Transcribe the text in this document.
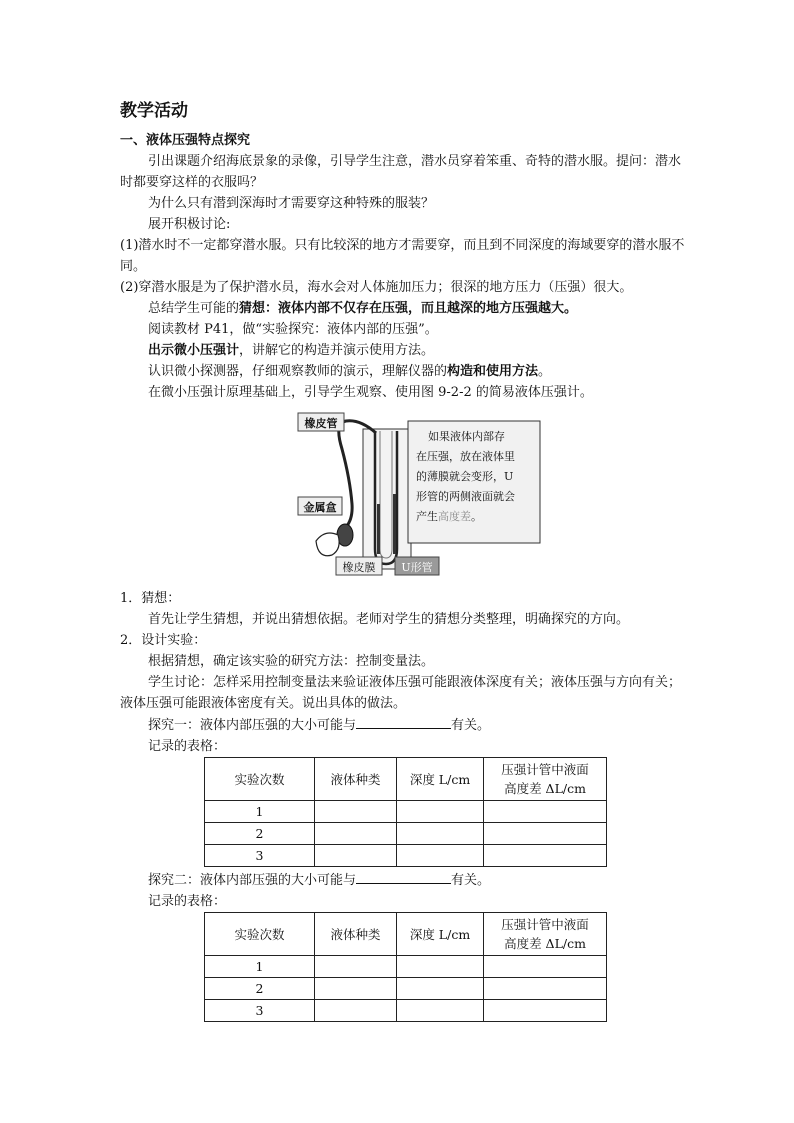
教学活动
一、液体压强特点探究
引出课题介绍海底景象的录像，引导学生注意，潜水员穿着笨重、奇特的潜水服。提问：潜水时都要穿这样的衣服吗？
为什么只有潜到深海时才需要穿这种特殊的服装？
展开积极讨论:
(1)潜水时不一定都穿潜水服。只有比较深的地方才需要穿，而且到不同深度的海域要穿的潜水服不同。
(2)穿潜水服是为了保护潜水员，海水会对人体施加压力；很深的地方压力（压强）很大。
总结学生可能的猜想：液体内部不仅存在压强，而且越深的地方压强越大。
阅读教材 P41，做“实验探究：液体内部的压强”。
出示微小压强计，讲解它的构造并演示使用方法。
认识微小探测器，仔细观察教师的演示，理解仪器的构造和使用方法。
在微小压强计原理基础上，引导学生观察、使用图 9-2-2 的简易液体压强计。
橡皮管
金属盒
橡皮膜	U形管
如果液体内部存
在压强，放在液体里
的薄膜就会变形，U
形管的两侧液面就会
产生高度差。
1．猜想：
首先让学生猜想，并说出猜想依据。老师对学生的猜想分类整理，明确探究的方向。
2．设计实验：
根据猜想，确定该实验的研究方法：控制变量法。
学生讨论：怎样采用控制变量法来验证液体压强可能跟液体深度有关；液体压强与方向有关；液体压强可能跟液体密度有关。说出具体的做法。
探究一：液体内部压强的大小可能与	有关。
记录的表格：
实验次数	液体种类	深度 L/cm	压强计管中液面
高度差 ΔL/cm

1			
2			
3			
探究二：液体内部压强的大小可能与	有关。
记录的表格：
实验次数	液体种类	深度 L/cm	压强计管中液面
高度差 ΔL/cm

1			
2			
3			
